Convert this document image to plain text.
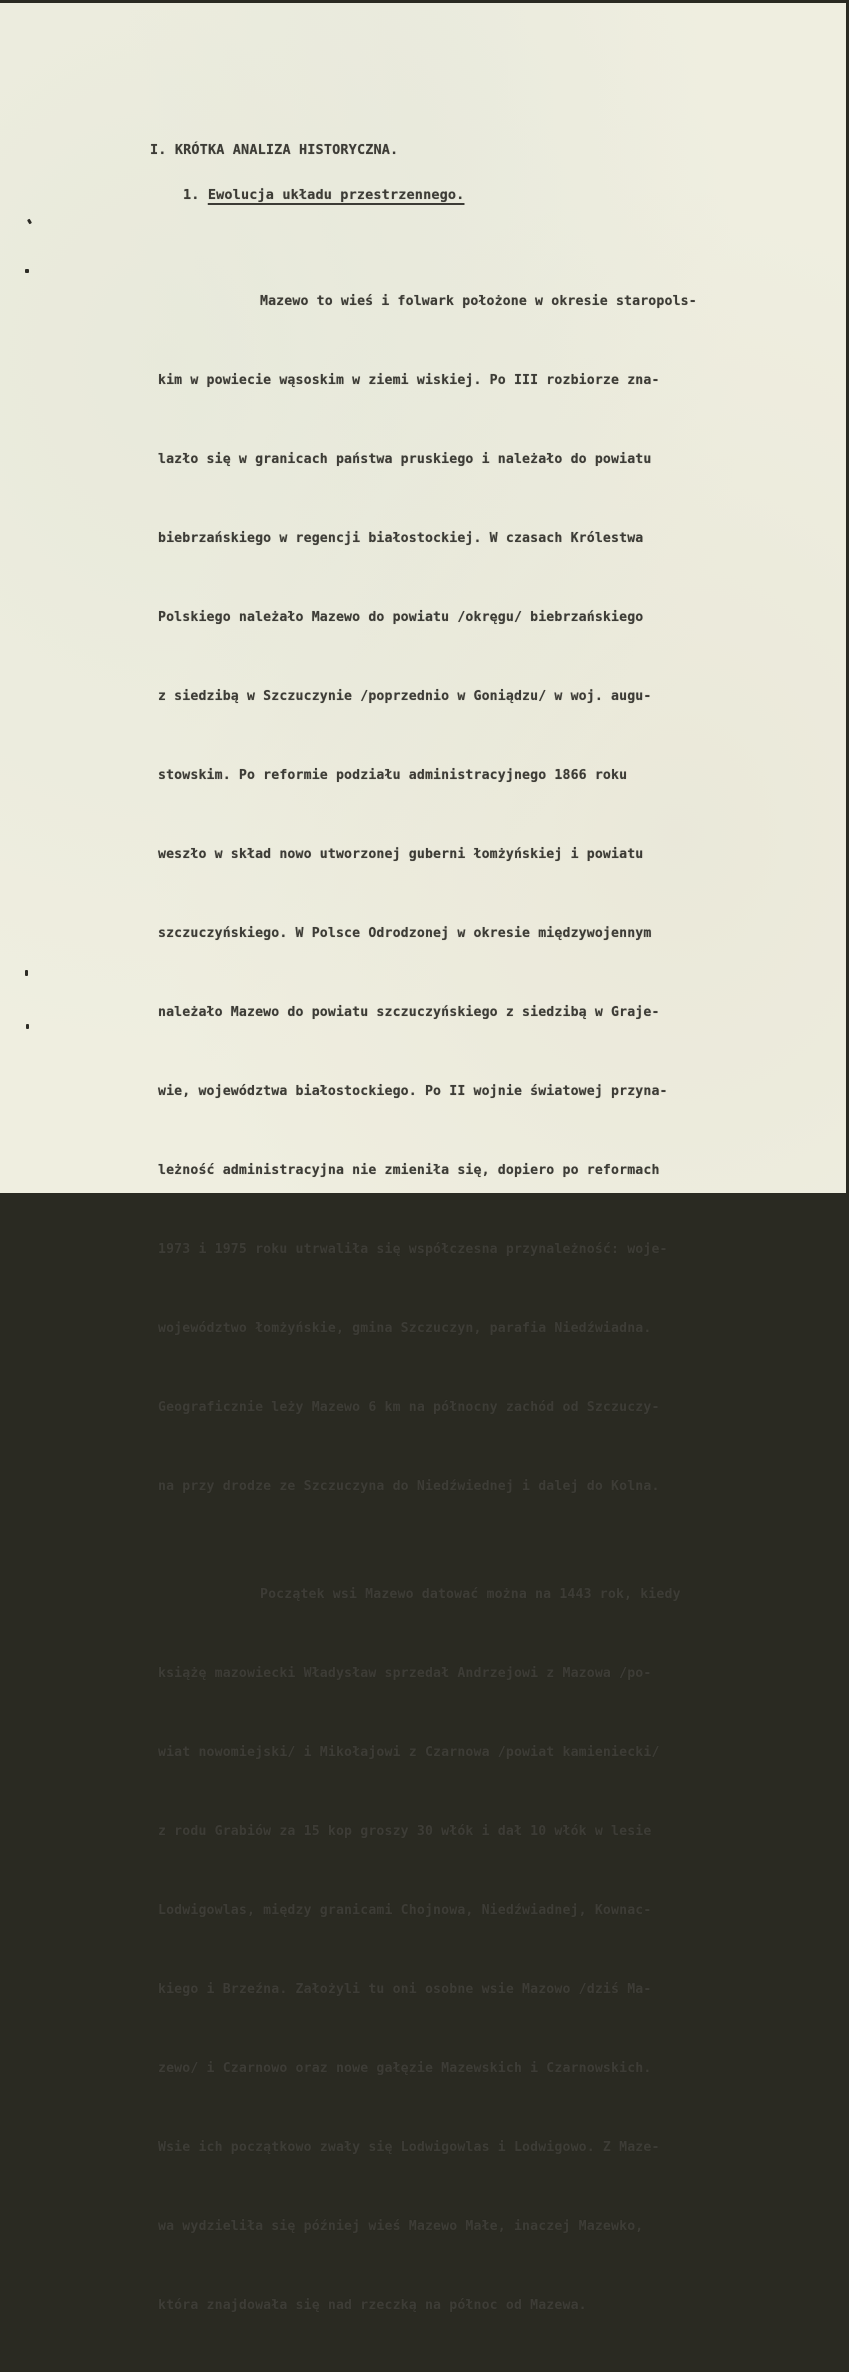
I. KRÓTKA ANALIZA HISTORYCZNA.
1. Ewolucja układu przestrzennego.

Mazewo to wieś i folwark położone w okresie staropols-

kim w powiecie wąsoskim w ziemi wiskiej. Po III rozbiorze zna-

lazło się w granicach państwa pruskiego i należało do powiatu

biebrzańskiego w regencji białostockiej. W czasach Królestwa

Polskiego należało Mazewo do powiatu /okręgu/ biebrzańskiego

z siedzibą w Szczuczynie /poprzednio w Goniądzu/ w woj. augu-

stowskim. Po reformie podziału administracyjnego 1866 roku

weszło w skład nowo utworzonej guberni łomżyńskiej i powiatu

szczuczyńskiego. W Polsce Odrodzonej w okresie międzywojennym

należało Mazewo do powiatu szczuczyńskiego z siedzibą w Graje-

wie, województwa białostockiego. Po II wojnie światowej przyna-

leżność administracyjna nie zmieniła się, dopiero po reformach

1973 i 1975 roku utrwaliła się współczesna przynależność: woje-

województwo łomżyńskie, gmina Szczuczyn, parafia Niedźwiadna.

Geograficznie leży Mazewo 6 km na północny zachód od Szczuczy-

na przy drodze ze Szczuczyna do Niedźwiednej i dalej do Kolna.

Początek wsi Mazewo datować można na 1443 rok, kiedy

książę mazowiecki Władysław sprzedał Andrzejowi z Mazowa /po-

wiat nowomiejski/ i Mikołajowi z Czarnowa /powiat kamieniecki/

z rodu Grabiów za 15 kop groszy 30 włók i dał 10 włók w lesie

Lodwigowlas, między granicami Chojnowa, Niedźwiadnej, Kownac-

kiego i Brzeźna. Założyli tu oni osobne wsie Mazowo /dziś Ma-

zewo/ i Czarnowo oraz nowe gałęzie Mazewskich i Czarnowskich.

Wsie ich początkowo zwały się Lodwigowlas i Lodwigowo. Z Maze-

wa wydzieliła się później wieś Mazewo Małe, inaczej Mazewko,

która znajdowała się nad rzeczką na północ od Mazewa.
